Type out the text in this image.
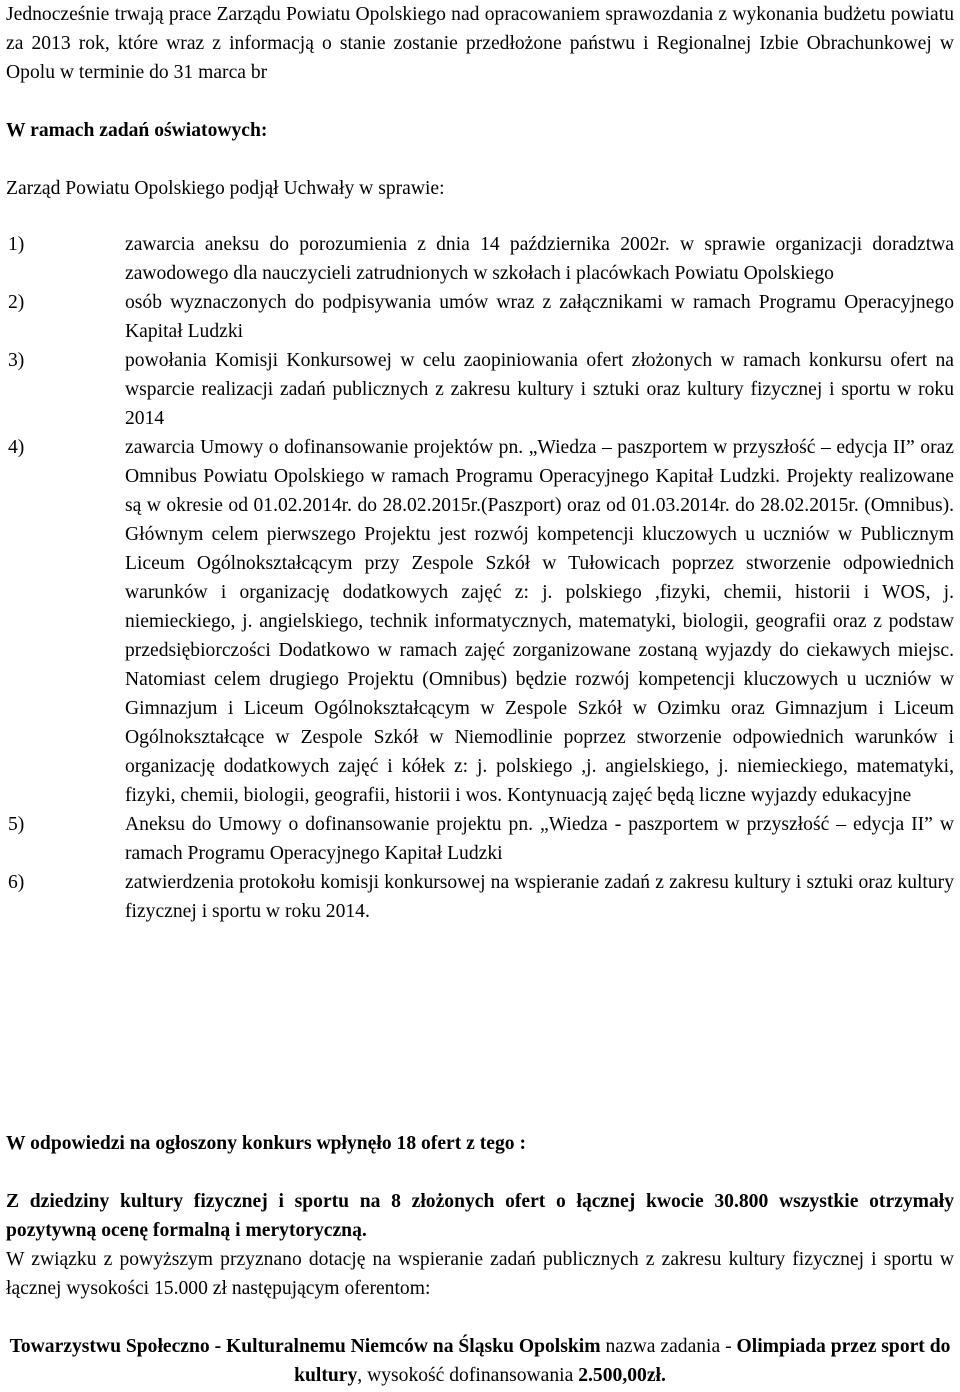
Jednocześnie trwają prace Zarządu Powiatu Opolskiego nad opracowaniem sprawozdania z wykonania budżetu powiatu za 2013 rok, które wraz z informacją o stanie zostanie przedłożone państwu i Regionalnej Izbie Obrachunkowej w Opolu w terminie do 31 marca br

W ramach zadań oświatowych:

Zarząd Powiatu Opolskiego podjął Uchwały w sprawie:

1)	zawarcia aneksu do porozumienia z dnia 14 października 2002r. w sprawie organizacji doradztwa zawodowego dla nauczycieli zatrudnionych w szkołach i placówkach Powiatu Opolskiego
2)	osób wyznaczonych do podpisywania umów wraz z załącznikami w ramach Programu Operacyjnego Kapitał Ludzki
3)	powołania Komisji Konkursowej w celu zaopiniowania ofert złożonych w ramach konkursu ofert na wsparcie realizacji zadań publicznych z zakresu kultury i sztuki oraz kultury fizycznej i sportu w roku 2014
4)	zawarcia Umowy o dofinansowanie projektów pn. „Wiedza – paszportem w przyszłość – edycja II” oraz Omnibus Powiatu Opolskiego w ramach Programu Operacyjnego Kapitał Ludzki. Projekty realizowane są w okresie od 01.02.2014r. do 28.02.2015r.(Paszport) oraz od 01.03.2014r. do 28.02.2015r. (Omnibus). Głównym celem pierwszego Projektu jest rozwój kompetencji kluczowych u uczniów w Publicznym Liceum Ogólnokształcącym przy Zespole Szkół w Tułowicach poprzez stworzenie odpowiednich warunków i organizację dodatkowych zajęć z: j. polskiego ,fizyki, chemii, historii i WOS, j. niemieckiego, j. angielskiego, technik informatycznych, matematyki, biologii, geografii oraz z podstaw przedsiębiorczości Dodatkowo w ramach zajęć zorganizowane zostaną wyjazdy do ciekawych miejsc. Natomiast celem drugiego Projektu (Omnibus) będzie rozwój kompetencji kluczowych u uczniów w Gimnazjum i Liceum Ogólnokształcącym w Zespole Szkół w Ozimku oraz Gimnazjum i Liceum Ogólnokształcące w Zespole Szkół w Niemodlinie poprzez stworzenie odpowiednich warunków i organizację dodatkowych zajęć i kółek z: j. polskiego ,j. angielskiego, j. niemieckiego, matematyki, fizyki, chemii, biologii, geografii, historii i wos. Kontynuacją zajęć będą liczne wyjazdy edukacyjne
5)	Aneksu do Umowy o dofinansowanie projektu pn. „Wiedza - paszportem w przyszłość – edycja II” w ramach Programu Operacyjnego Kapitał Ludzki
6)	zatwierdzenia protokołu komisji konkursowej na wspieranie zadań z zakresu kultury i sztuki oraz kultury fizycznej i sportu w roku 2014.

W odpowiedzi na ogłoszony konkurs wpłynęło 18 ofert z tego :

Z dziedziny kultury fizycznej i sportu na 8 złożonych ofert o łącznej kwocie 30.800 wszystkie otrzymały pozytywną ocenę formalną i merytoryczną.

W związku z powyższym przyznano dotację na wspieranie zadań publicznych z zakresu kultury fizycznej i sportu w łącznej wysokości 15.000 zł następującym oferentom:

Towarzystwu Społeczno - Kulturalnemu Niemców na Śląsku Opolskim nazwa zadania - Olimpiada przez sport do kultury, wysokość dofinansowania 2.500,00zł.
